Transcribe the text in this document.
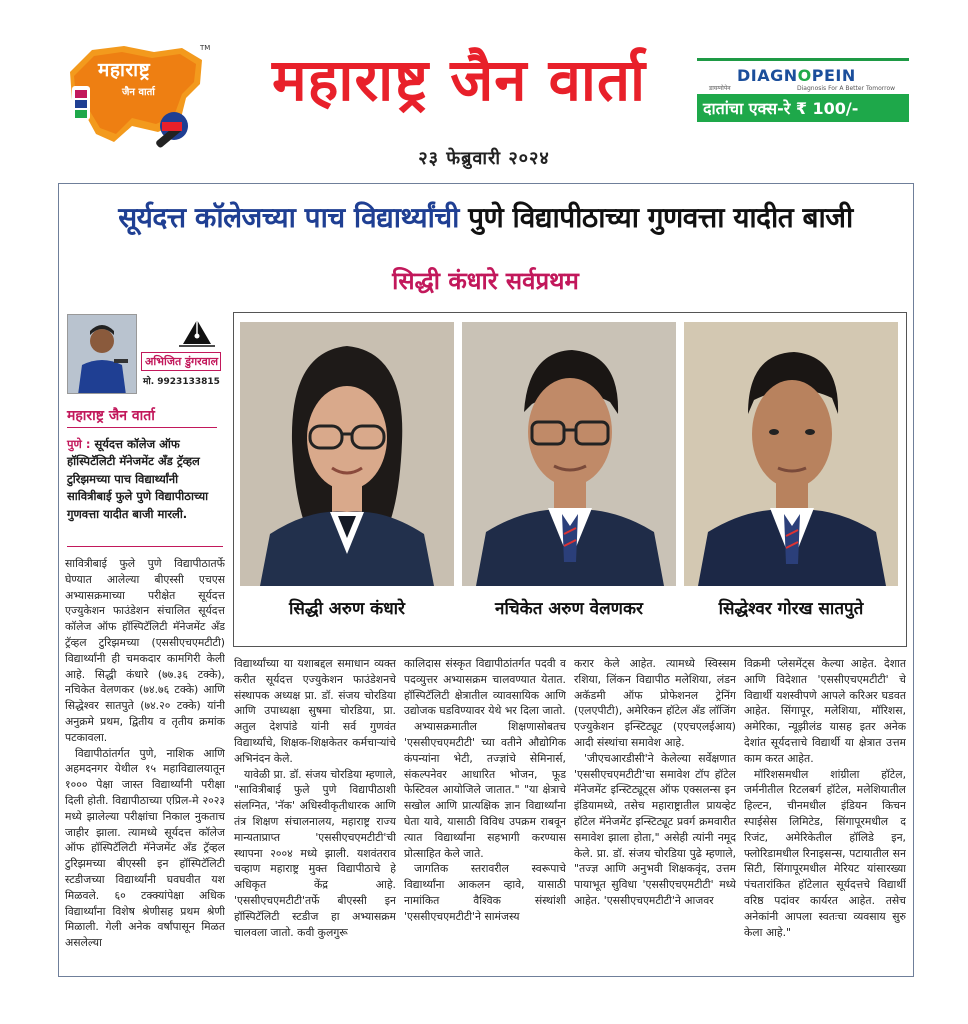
TM
महाराष्ट्र
जैन वार्ता	महाराष्ट्र जैन वार्ता	DIAGNOPEIN
डायग्नोपेन	Diagnosis For A Better Tomorrow
दातांचा एक्स-रे ₹ 100/-
२३ फेब्रुवारी २०२४
सूर्यदत्त कॉलेजच्या पाच विद्यार्थ्यांची पुणे विद्यापीठाच्या गुणवत्ता यादीत बाजी
सिद्धी कंधारे सर्वप्रथम
अभिजित डुंगरवाल
मो. 9923133815
महाराष्ट्र जैन वार्ता
पुणे : सूर्यदत्त कॉलेज ऑफ हॉस्पिटॅलिटी मॅनेजमेंट अँड ट्रॅव्हल टुरिझमच्या पाच विद्यार्थ्यांनी सावित्रीबाई फुले पुणे विद्यापीठाच्या गुणवत्ता यादीत बाजी मारली.
सिद्धी अरुण कंधारे	नचिकेत अरुण वेलणकर	सिद्धेश्वर गोरख सातपुते

सावित्रीबाई फुले पुणे विद्यापीठातर्फे घेण्यात आलेल्या बीएस्सी एचएस अभ्यासक्रमाच्या परीक्षेत सूर्यदत्त एज्युकेशन फाउंडेशन संचालित सूर्यदत्त कॉलेज ऑफ हॉस्पिटॅलिटी मॅनेजमेंट अँड ट्रॅव्हल टुरिझमच्या (एससीएचएमटीटी) विद्यार्थ्यांनी ही चमकदार कामगिरी केली आहे. सिद्धी कंधारे (७७.३६ टक्के), नचिकेत वेलणकर (७४.७६ टक्के) आणि सिद्धेश्वर सातपुते (७४.२० टक्के) यांनी अनुक्रमे प्रथम, द्वितीय व तृतीय क्रमांक पटकावला.

विद्यापीठांतर्गत पुणे, नाशिक आणि अहमदनगर येथील १५ महाविद्यालयातून १००० पेक्षा जास्त विद्यार्थ्यांनी परीक्षा दिली होती. विद्यापीठाच्या एप्रिल-मे २०२३ मध्ये झालेल्या परीक्षांचा निकाल नुकताच जाहीर झाला. त्यामध्ये सूर्यदत्त कॉलेज ऑफ हॉस्पिटॅलिटी मॅनेजमेंट अँड ट्रॅव्हल टुरिझमच्या बीएस्सी इन हॉस्पिटॅलिटी स्टडीजच्या विद्यार्थ्यांनी घवघवीत यश मिळवले. ६० टक्क्यांपेक्षा अधिक विद्यार्थ्यांना विशेष श्रेणीसह प्रथम श्रेणी मिळाली. गेली अनेक वर्षांपासून मिळत असलेल्या

विद्यार्थ्यांच्या या यशाबद्दल समाधान व्यक्त करीत सूर्यदत्त एज्युकेशन फाउंडेशनचे संस्थापक अध्यक्ष प्रा. डॉ. संजय चोरडिया आणि उपाध्यक्षा सुषमा चोरडिया, प्रा. अतुल देशपांडे यांनी सर्व गुणवंत विद्यार्थ्यांचे, शिक्षक-शिक्षकेतर कर्मचाऱ्यांचे अभिनंदन केले.

यावेळी प्रा. डॉ. संजय चोरडिया म्हणाले, "सावित्रीबाई फुले पुणे विद्यापीठाशी संलग्नित, 'नॅक' अधिस्वीकृतीधारक आणि तंत्र शिक्षण संचालनालय, महाराष्ट्र राज्य मान्यताप्राप्त 'एससीएचएमटीटी'ची स्थापना २००४ मध्ये झाली. यशवंतराव चव्हाण महाराष्ट्र मुक्त विद्यापीठाचे हे अधिकृत केंद्र आहे. 'एससीएचएमटीटी'तर्फे बीएस्सी इन हॉस्पिटॅलिटी स्टडीज हा अभ्यासक्रम चालवला जातो. कवी कुलगुरू

कालिदास संस्कृत विद्यापीठांतर्गत पदवी व पदव्युत्तर अभ्यासक्रम चालवण्यात येतात. हॉस्पिटॅलिटी क्षेत्रातील व्यावसायिक आणि उद्योजक घडविण्यावर येथे भर दिला जातो.

अभ्यासक्रमातील शिक्षणासोबतच 'एससीएचएमटीटी' च्या वतीने औद्योगिक कंपन्यांना भेटी, तज्ज्ञांचे सेमिनार्स, संकल्पनेवर आधारित भोजन, फूड फेस्टिवल आयोजिले जातात." "या क्षेत्राचे सखोल आणि प्रात्यक्षिक ज्ञान विद्यार्थ्यांना घेता यावे, यासाठी विविध उपक्रम राबवून त्यात विद्यार्थ्यांना सहभागी करण्यास प्रोत्साहित केले जाते.

जागतिक स्तरावरील स्वरूपाचे विद्यार्थ्यांना आकलन व्हावे, यासाठी नामांकित वैश्विक संस्थांशी 'एससीएचएमटीटी'ने सामंजस्य

करार केले आहेत. त्यामध्ये स्विस्सम रशिया, लिंकन विद्यापीठ मलेशिया, लंडन अकॅडमी ऑफ प्रोफेशनल ट्रेनिंग (एलएपीटी), अमेरिकन हॉटेल अँड लॉजिंग एज्युकेशन इन्स्टिट्यूट (एएचएलईआय) आदी संस्थांचा समावेश आहे.

'जीएचआरडीसी'ने केलेल्या सर्वेक्षणात 'एससीएचएमटीटी'चा समावेश टॉप हॉटेल मॅनेजमेंट इन्स्टिट्यूट्स ऑफ एक्सलन्स इन इंडियामध्ये, तसेच महाराष्ट्रातील प्रायव्हेट हॉटेल मॅनेजमेंट इन्स्टिट्यूट प्रवर्ग क्रमवारीत समावेश झाला होता," असेही त्यांनी नमूद केले. प्रा. डॉ. संजय चोरडिया पुढे म्हणाले, "तज्ज्ञ आणि अनुभवी शिक्षकवृंद, उत्तम पायाभूत सुविधा 'एससीएचएमटीटी' मध्ये आहेत. 'एससीएचएमटीटी'ने आजवर

विक्रमी प्लेसमेंट्स केल्या आहेत. देशात आणि विदेशात 'एससीएचएमटीटी' चे विद्यार्थी यशस्वीपणे आपले करिअर घडवत आहेत. सिंगापूर, मलेशिया, मॉरिशस, अमेरिका, न्यूझीलंड यासह इतर अनेक देशांत सूर्यदत्ताचे विद्यार्थी या क्षेत्रात उत्तम काम करत आहेत.

मॉरिशसमधील शांग्रीला हॉटेल, जर्मनीतील रिटलबर्ग हॉटेल, मलेशियातील हिल्टन, चीनमधील इंडियन किचन स्पाईसेस लिमिटेड, सिंगापूरमधील द रिजंट, अमेरिकेतील हॉलिडे इन, फ्लोरिडामधील रिनाइसन्स, पटायातील सन सिटी, सिंगापूरमधील मेरियट यांसारख्या पंचतारांकित हॉटेलात सूर्यदत्तचे विद्यार्थी वरिष्ठ पदांवर कार्यरत आहेत. तसेच अनेकांनी आपला स्वतःचा व्यवसाय सुरु केला आहे."
